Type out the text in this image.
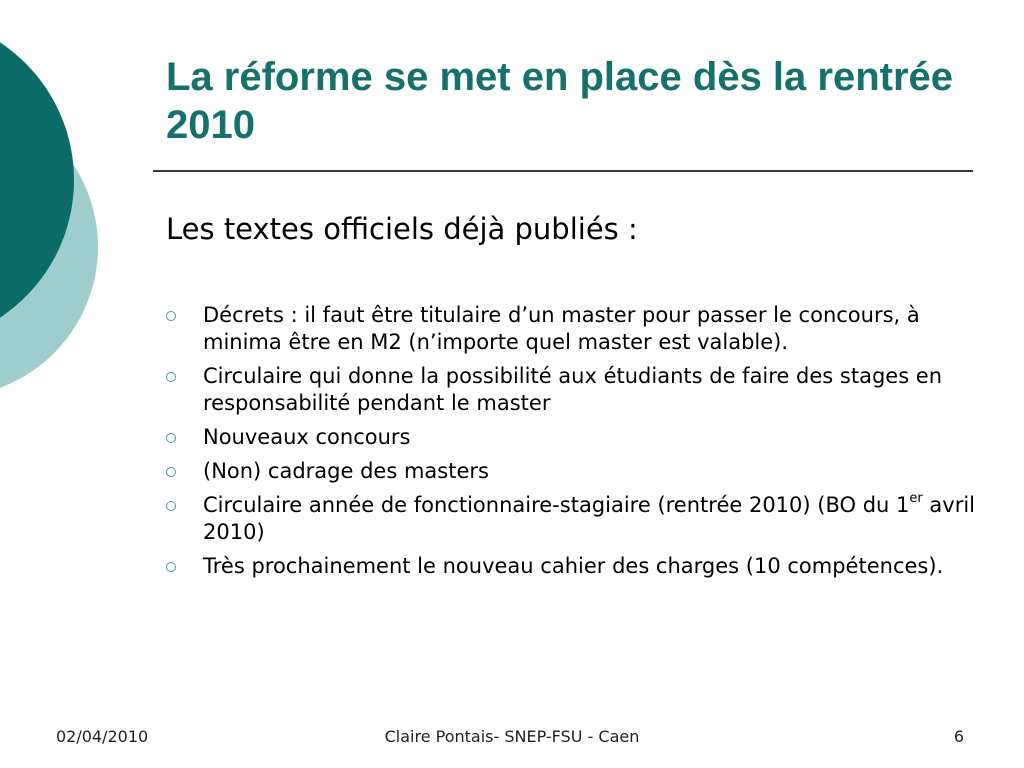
La réforme se met en place dès la rentrée 2010
Les textes officiels déjà publiés :
Décrets : il faut être titulaire d’un master pour passer le concours, à minima être en M2 (n’importe quel master est valable).
Circulaire qui donne la possibilité aux étudiants de faire des stages en responsabilité pendant le master
Nouveaux concours
(Non) cadrage des masters
Circulaire année de fonctionnaire-stagiaire (rentrée 2010) (BO du 1er avril 2010)
Très prochainement le nouveau cahier des charges (10 compétences).
02/04/2010	Claire Pontais- SNEP-FSU - Caen	6
